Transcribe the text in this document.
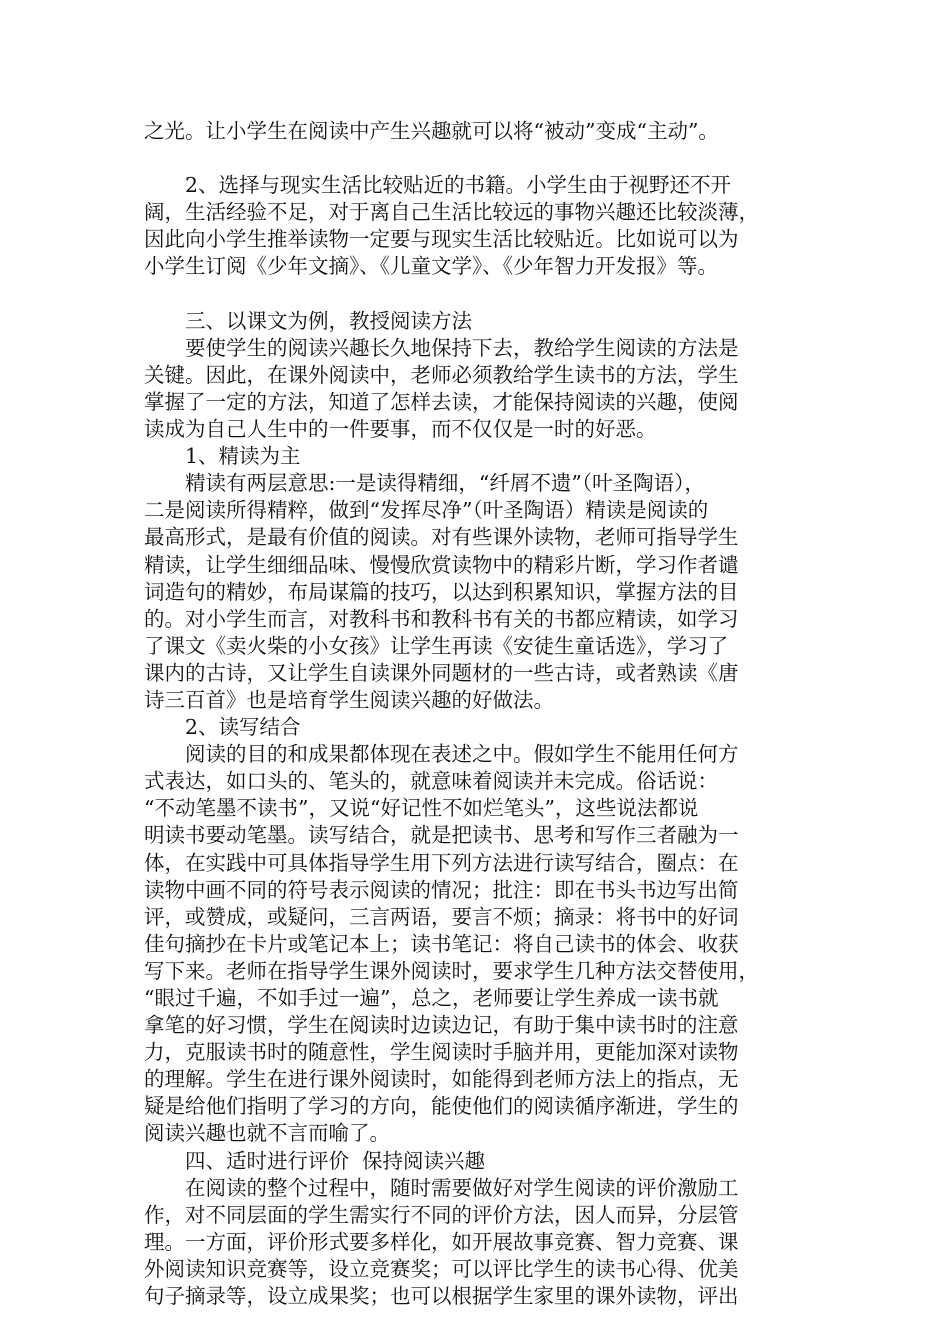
之光。让小学生在阅读中产生兴趣就可以将“被动”变成“主动”。
　　2、选择与现实生活比较贴近的书籍。小学生由于视野还不开
阔，生活经验不足，对于离自己生活比较远的事物兴趣还比较淡薄，
因此向小学生推举读物一定要与现实生活比较贴近。比如说可以为
小学生订阅《少年文摘》、《儿童文学》、《少年智力开发报》等。
　　三、以课文为例，教授阅读方法
　　要使学生的阅读兴趣长久地保持下去，教给学生阅读的方法是
关键。因此，在课外阅读中，老师必须教给学生读书的方法，学生
掌握了一定的方法，知道了怎样去读，才能保持阅读的兴趣，使阅
读成为自己人生中的一件要事，而不仅仅是一时的好恶。
　　1、精读为主
　　精读有两层意思:一是读得精细，“纤屑不遗”（叶圣陶语），
二是阅读所得精粹，做到“发挥尽净”（叶圣陶语）精读是阅读的
最高形式，是最有价值的阅读。对有些课外读物，老师可指导学生
精读，让学生细细品味、慢慢欣赏读物中的精彩片断，学习作者谴
词造句的精妙，布局谋篇的技巧，以达到积累知识，掌握方法的目
的。对小学生而言，对教科书和教科书有关的书都应精读，如学习
了课文《卖火柴的小女孩》让学生再读《安徒生童话选》，学习了
课内的古诗，又让学生自读课外同题材的一些古诗，或者熟读《唐
诗三百首》也是培育学生阅读兴趣的好做法。
　　2、读写结合
　　阅读的目的和成果都体现在表述之中。假如学生不能用任何方
式表达，如口头的、笔头的，就意味着阅读并未完成。俗话说：
“不动笔墨不读书”，又说“好记性不如烂笔头”，这些说法都说
明读书要动笔墨。读写结合，就是把读书、思考和写作三者融为一
体，在实践中可具体指导学生用下列方法进行读写结合，圈点：在
读物中画不同的符号表示阅读的情况；批注：即在书头书边写出简
评，或赞成，或疑问，三言两语，要言不烦；摘录：将书中的好词
佳句摘抄在卡片或笔记本上；读书笔记：将自己读书的体会、收获
写下来。老师在指导学生课外阅读时，要求学生几种方法交替使用，
“眼过千遍，不如手过一遍”，总之，老师要让学生养成一读书就
拿笔的好习惯，学生在阅读时边读边记，有助于集中读书时的注意
力，克服读书时的随意性，学生阅读时手脑并用，更能加深对读物
的理解。学生在进行课外阅读时，如能得到老师方法上的指点，无
疑是给他们指明了学习的方向，能使他们的阅读循序渐进，学生的
阅读兴趣也就不言而喻了。
　　四、适时进行评价  保持阅读兴趣
　　在阅读的整个过程中，随时需要做好对学生阅读的评价激励工
作，对不同层面的学生需实行不同的评价方法，因人而异，分层管
理。一方面，评价形式要多样化，如开展故事竞赛、智力竞赛、课
外阅读知识竞赛等，设立竞赛奖；可以评比学生的读书心得、优美
句子摘录等，设立成果奖；也可以根据学生家里的课外读物，评出
